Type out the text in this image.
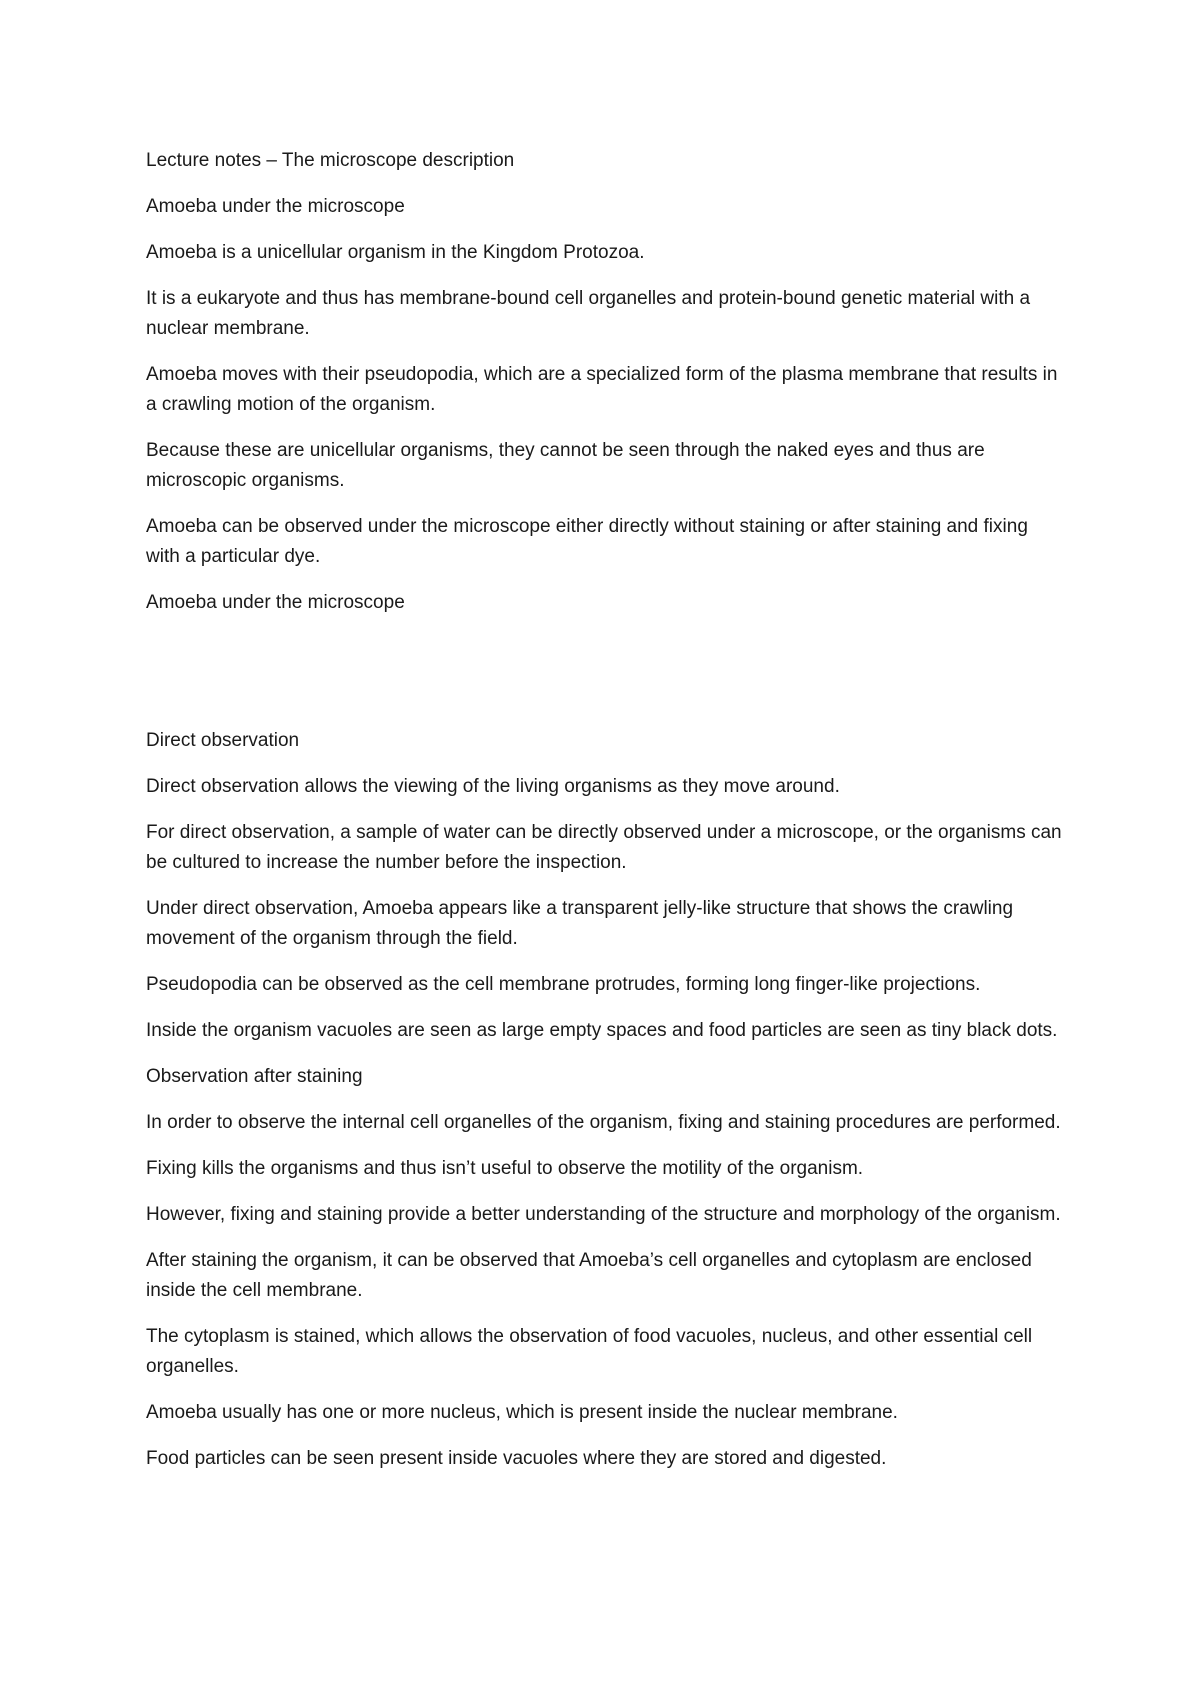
Lecture notes – The microscope description

Amoeba under the microscope

Amoeba is a unicellular organism in the Kingdom Protozoa.

It is a eukaryote and thus has membrane-bound cell organelles and protein-bound genetic material with a nuclear membrane.

Amoeba moves with their pseudopodia, which are a specialized form of the plasma membrane that results in a crawling motion of the organism.

Because these are unicellular organisms, they cannot be seen through the naked eyes and thus are microscopic organisms.

Amoeba can be observed under the microscope either directly without staining or after staining and fixing with a particular dye.

Amoeba under the microscope

Direct observation

Direct observation allows the viewing of the living organisms as they move around.

For direct observation, a sample of water can be directly observed under a microscope, or the organisms can be cultured to increase the number before the inspection.

Under direct observation, Amoeba appears like a transparent jelly-like structure that shows the crawling movement of the organism through the field.

Pseudopodia can be observed as the cell membrane protrudes, forming long finger-like projections.

Inside the organism vacuoles are seen as large empty spaces and food particles are seen as tiny black dots.

Observation after staining

In order to observe the internal cell organelles of the organism, fixing and staining procedures are performed.

Fixing kills the organisms and thus isn’t useful to observe the motility of the organism.

However, fixing and staining provide a better understanding of the structure and morphology of the organism.

After staining the organism, it can be observed that Amoeba’s cell organelles and cytoplasm are enclosed inside the cell membrane.

The cytoplasm is stained, which allows the observation of food vacuoles, nucleus, and other essential cell organelles.

Amoeba usually has one or more nucleus, which is present inside the nuclear membrane.

Food particles can be seen present inside vacuoles where they are stored and digested.
